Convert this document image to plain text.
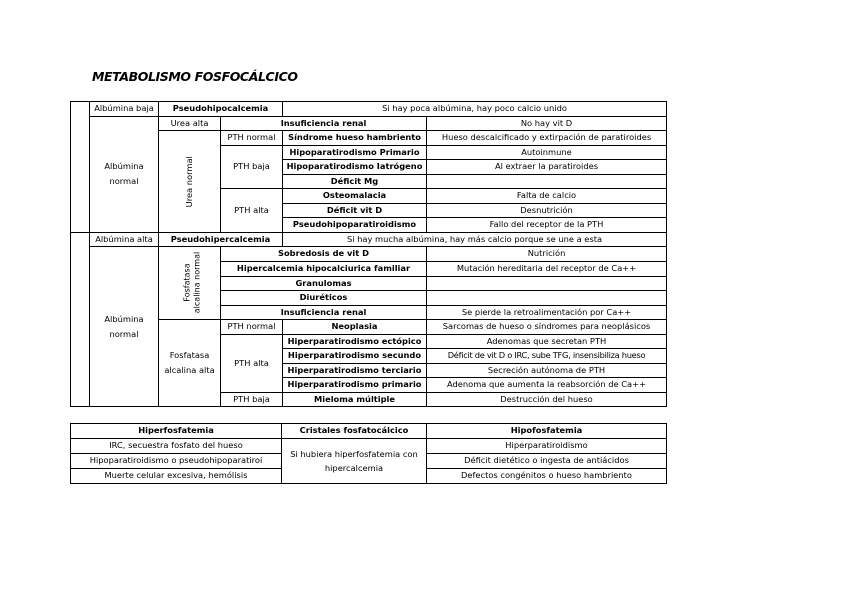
METABOLISMO FOSFOCÁLCICO
	Albúmina baja	Pseudohipocalcemia		Si hay poca albúmina, hay poco calcio unido	
	Albúmina normal	Urea alta	Insuficiencia renal		No hay vit D
		Urea normal	PTH normal	Síndrome hueso hambriento	Hueso descalcificado y extirpación de paratiroides
			PTH baja	Hipoparatirodismo Primario	Autoinmune
				Hipoparatirodismo Iatrógeno	Al extraer la paratiroides
				Déficit Mg	
			PTH alta	Osteomalacia	Falta de calcio
				Déficit vit D	Desnutrición
				Pseudohipoparatiroidismo	Fallo del receptor de la PTH
	Albúmina alta	Pseudohipercalcemia		Si hay mucha albúmina, hay más calcio porque se une a esta	
	Albúmina normal	Fosfatasa alcalina normal	Sobredosis de vit D		Nutrición
			Hipercalcemia hipocalciurica familiar		Mutación hereditaria del receptor de Ca++
			Granulomas		
			Diuréticos		
			Insuficiencia renal		Se pierde la retroalimentación por Ca++
		Fosfatasa alcalina alta	PTH normal	Neoplasia	Sarcomas de hueso o síndromes para neoplásicos
			PTH alta	Hiperparatirodismo ectópico	Adenomas que secretan PTH
				Hiperparatirodismo secundo	Déficit de vit D o IRC, sube TFG, insensibiliza hueso
				Hiperparatirodismo terciario	Secreción autónoma de PTH
				Hiperparatirodismo primario	Adenoma que aumenta la reabsorción de Ca++
			PTH baja	Mieloma múltiple	Destrucción del hueso
Hiperfosfatemia	Cristales fosfatocálcico	Hipofosfatemia
IRC, secuestra fosfato del hueso	Si hubiera hiperfosfatemia con hipercalcemia	Hiperparatiroidismo
Hipoparatiroidismo o pseudohipoparatiroi		Déficit dietético o ingesta de antiácidos
Muerte celular excesiva, hemólisis		Defectos congénitos o hueso hambriento
